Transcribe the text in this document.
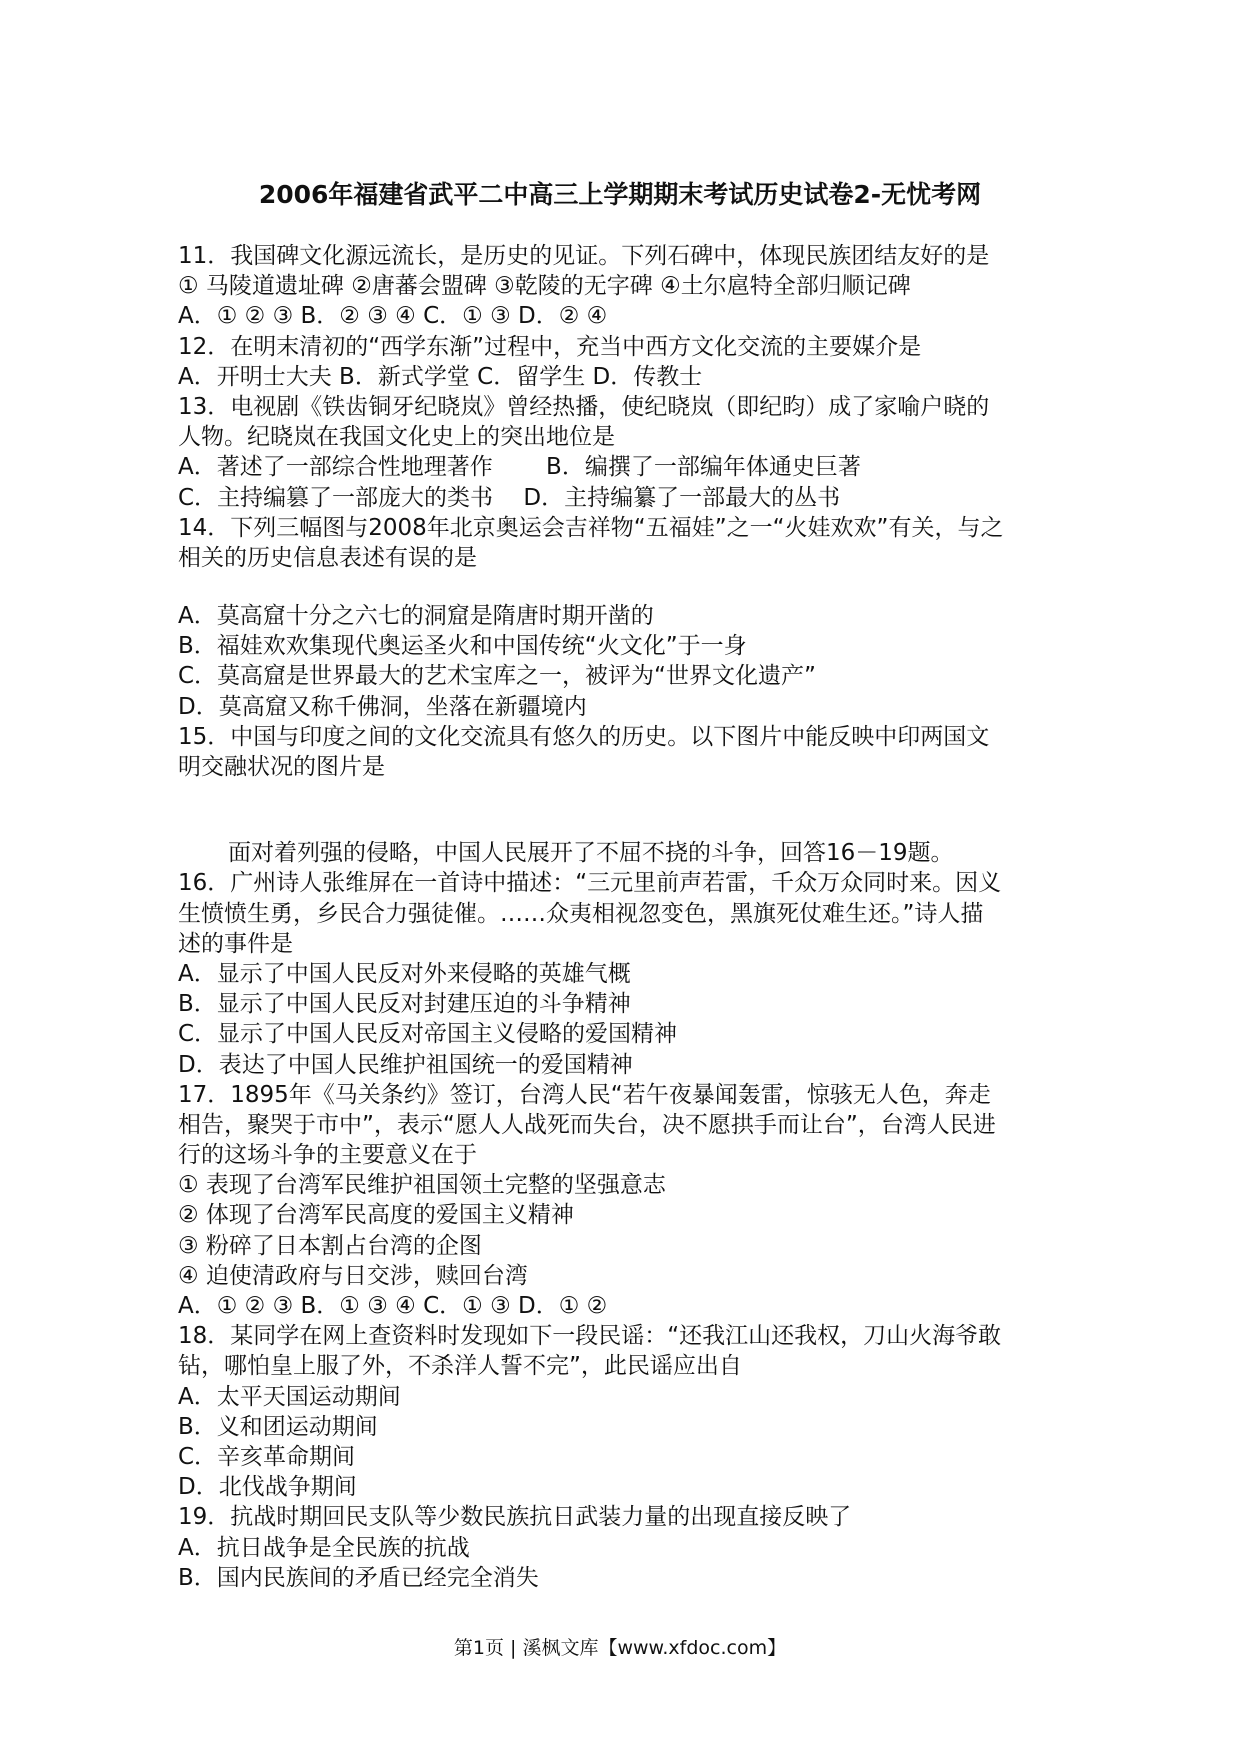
2006年福建省武平二中高三上学期期末考试历史试卷2-无忧考网
11．我国碑文化源远流长，是历史的见证。下列石碑中，体现民族团结友好的是
① 马陵道遗址碑 ②唐蕃会盟碑 ③乾陵的无字碑 ④土尔扈特全部归顺记碑
A．① ② ③ B．② ③ ④ C．① ③ D．② ④
12．在明末清初的“西学东渐”过程中，充当中西方文化交流的主要媒介是
A．开明士大夫 B．新式学堂 C．留学生 D．传教士
13．电视剧《铁齿铜牙纪晓岚》曾经热播，使纪晓岚（即纪昀）成了家喻户晓的
人物。纪晓岚在我国文化史上的突出地位是
A．著述了一部综合性地理著作　　 B．编撰了一部编年体通史巨著
C．主持编篡了一部庞大的类书　 D．主持编纂了一部最大的丛书
14．下列三幅图与2008年北京奥运会吉祥物“五福娃”之一“火娃欢欢”有关，与之
相关的历史信息表述有误的是
A．莫高窟十分之六七的洞窟是隋唐时期开凿的
B．福娃欢欢集现代奥运圣火和中国传统“火文化”于一身
C．莫高窟是世界最大的艺术宝库之一，被评为“世界文化遗产”
D．莫高窟又称千佛洞，坐落在新疆境内
15．中国与印度之间的文化交流具有悠久的历史。以下图片中能反映中印两国文
明交融状况的图片是
面对着列强的侵略，中国人民展开了不屈不挠的斗争，回答16－19题。
16．广州诗人张维屏在一首诗中描述：“三元里前声若雷，千众万众同时来。因义
生愤愤生勇，乡民合力强徒催。……众夷相视忽变色，黑旗死仗难生还。”诗人描
述的事件是
A．显示了中国人民反对外来侵略的英雄气概
B．显示了中国人民反对封建压迫的斗争精神
C．显示了中国人民反对帝国主义侵略的爱国精神
D．表达了中国人民维护祖国统一的爱国精神
17．1895年《马关条约》签订，台湾人民“若午夜暴闻轰雷，惊骇无人色，奔走
相告，聚哭于市中”，表示“愿人人战死而失台，决不愿拱手而让台”，台湾人民进
行的这场斗争的主要意义在于
① 表现了台湾军民维护祖国领土完整的坚强意志
② 体现了台湾军民高度的爱国主义精神
③ 粉碎了日本割占台湾的企图
④ 迫使清政府与日交涉，赎回台湾
A．① ② ③ B．① ③ ④ C．① ③ D．① ②
18．某同学在网上查资料时发现如下一段民谣：“还我江山还我权，刀山火海爷敢
钻，哪怕皇上服了外，不杀洋人誓不完”，此民谣应出自
A．太平天国运动期间
B．义和团运动期间
C．辛亥革命期间
D．北伐战争期间
19．抗战时期回民支队等少数民族抗日武装力量的出现直接反映了
A．抗日战争是全民族的抗战
B．国内民族间的矛盾已经完全消失
第1页 | 溪枫文库【www.xfdoc.com】
